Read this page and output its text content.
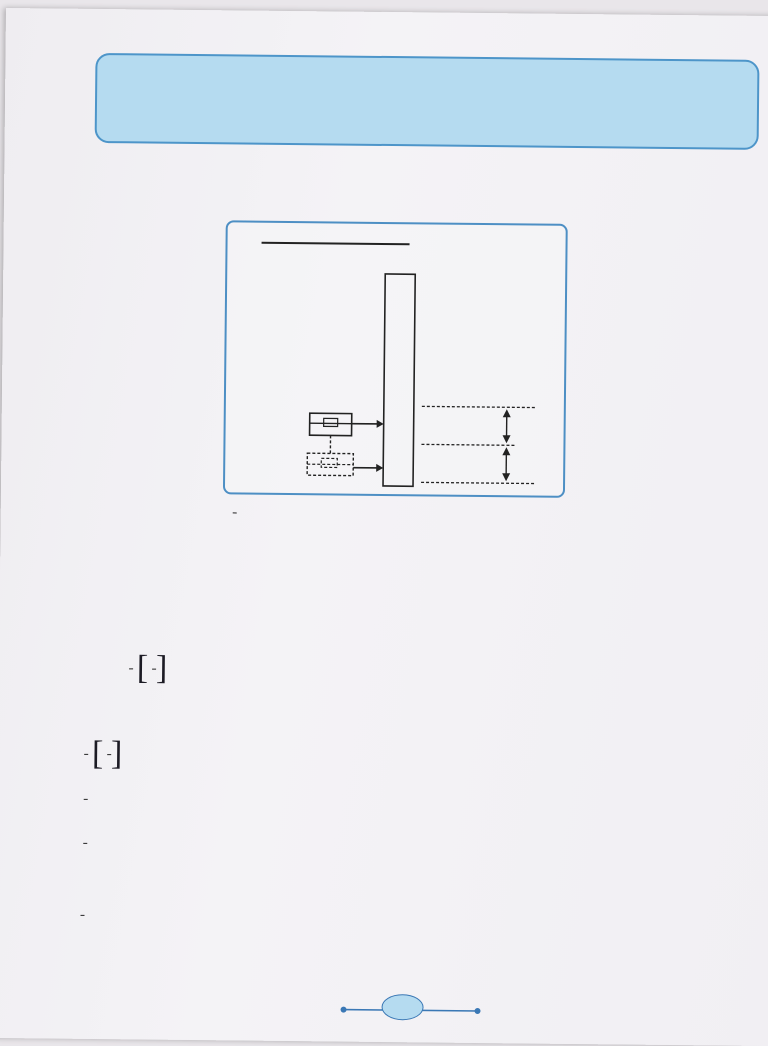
[ ]
[ ]
